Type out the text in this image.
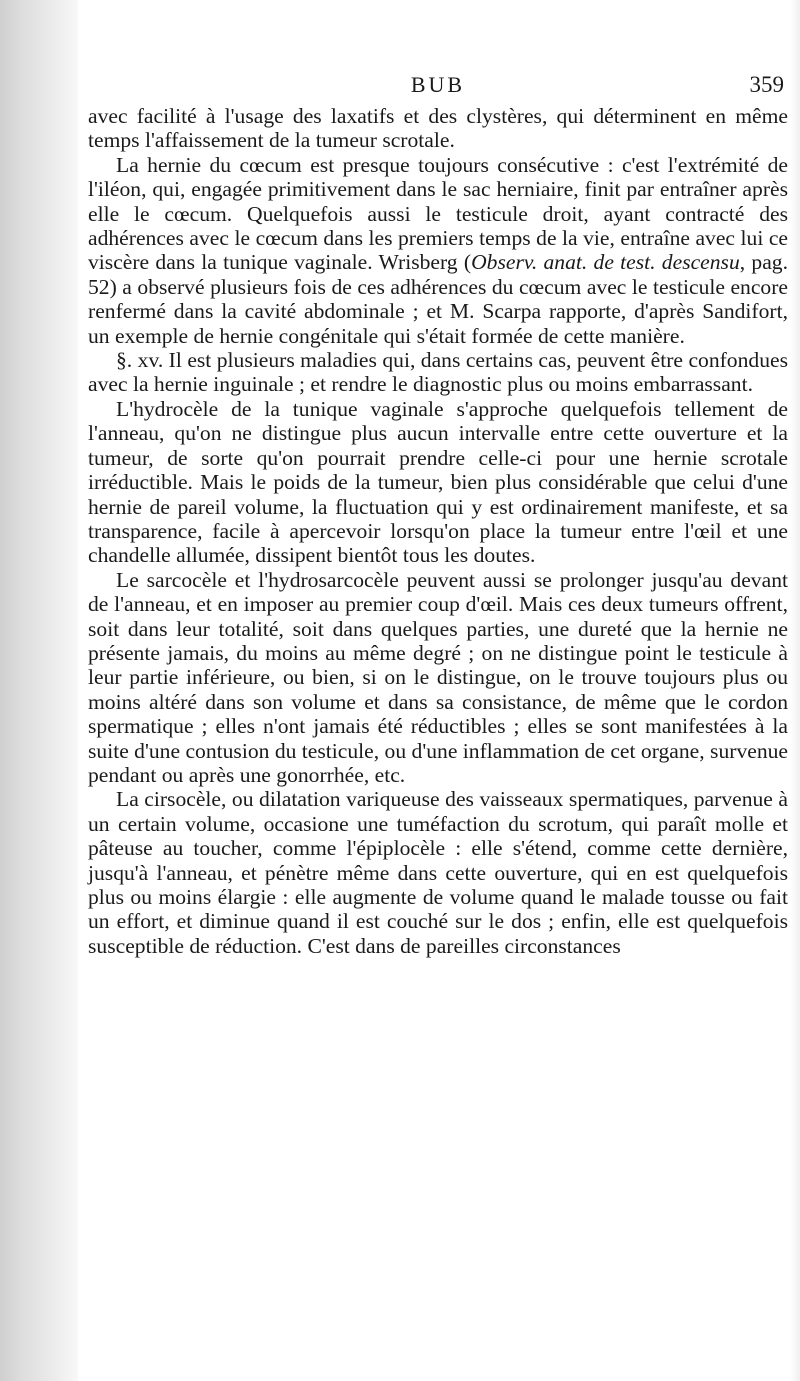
BUB	359

avec facilité à l'usage des laxatifs et des clystères, qui déterminent en même temps l'affaissement de la tumeur scrotale.

La hernie du cœcum est presque toujours consécutive : c'est l'extrémité de l'iléon, qui, engagée primitivement dans le sac herniaire, finit par entraîner après elle le cœcum. Quelquefois aussi le testicule droit, ayant contracté des adhérences avec le cœcum dans les premiers temps de la vie, entraîne avec lui ce viscère dans la tunique vaginale. Wrisberg (Observ. anat. de test. descensu, pag. 52) a observé plusieurs fois de ces adhérences du cœcum avec le testicule encore renfermé dans la cavité abdominale ; et M. Scarpa rapporte, d'après Sandifort, un exemple de hernie congénitale qui s'était formée de cette manière.

§. xv. Il est plusieurs maladies qui, dans certains cas, peuvent être confondues avec la hernie inguinale ; et rendre le diagnostic plus ou moins embarrassant.

L'hydrocèle de la tunique vaginale s'approche quelquefois tellement de l'anneau, qu'on ne distingue plus aucun intervalle entre cette ouverture et la tumeur, de sorte qu'on pourrait prendre celle-ci pour une hernie scrotale irréductible. Mais le poids de la tumeur, bien plus considérable que celui d'une hernie de pareil volume, la fluctuation qui y est ordinairement manifeste, et sa transparence, facile à apercevoir lorsqu'on place la tumeur entre l'œil et une chandelle allumée, dissipent bientôt tous les doutes.

Le sarcocèle et l'hydrosarcocèle peuvent aussi se prolonger jusqu'au devant de l'anneau, et en imposer au premier coup d'œil. Mais ces deux tumeurs offrent, soit dans leur totalité, soit dans quelques parties, une dureté que la hernie ne présente jamais, du moins au même degré ; on ne distingue point le testicule à leur partie inférieure, ou bien, si on le distingue, on le trouve toujours plus ou moins altéré dans son volume et dans sa consistance, de même que le cordon spermatique ; elles n'ont jamais été réductibles ; elles se sont manifestées à la suite d'une contusion du testicule, ou d'une inflammation de cet organe, survenue pendant ou après une gonorrhée, etc.

La cirsocèle, ou dilatation variqueuse des vaisseaux spermatiques, parvenue à un certain volume, occasione une tuméfaction du scrotum, qui paraît molle et pâteuse au toucher, comme l'épiplocèle : elle s'étend, comme cette dernière, jusqu'à l'anneau, et pénètre même dans cette ouverture, qui en est quelquefois plus ou moins élargie : elle augmente de volume quand le malade tousse ou fait un effort, et diminue quand il est couché sur le dos ; enfin, elle est quelquefois susceptible de réduction. C'est dans de pareilles circonstances
